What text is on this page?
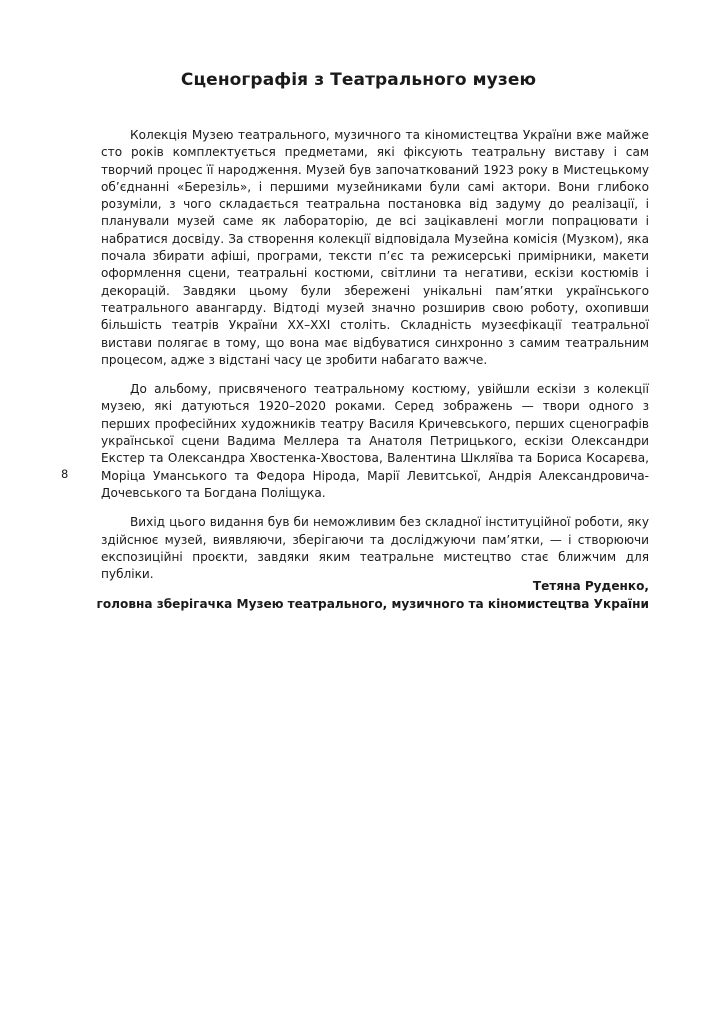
Сценографія з Театрального музею

Колекція Музею театрального, музичного та кіномистецтва України вже майже сто років комплектується предметами, які фіксують театральну виставу і сам творчий процес її народження. Музей був започаткований 1923 року в Мистецькому об’єднанні «Березіль», і першими музейниками були самі актори. Вони глибоко розуміли, з чого складається театральна постановка від задуму до реалізації, і планували музей саме як лабораторію, де всі зацікавлені могли попрацювати і набратися досвіду. За створення колекції відповідала Музейна комісія (Музком), яка почала збирати афіші, програми, тексти п’єс та режисерські примірники, макети оформлення сцени, театральні костюми, світлини та негативи, ескізи костюмів і декорацій. Завдяки цьому були збережені унікальні пам’ятки українського театрального авангарду. Відтоді музей значно розширив свою роботу, охопивши більшість театрів України XX–XXI століть. Складність музеєфікації театральної вистави полягає в тому, що вона має відбуватися синхронно з самим театральним процесом, адже з відстані часу це зробити набагато важче.

До альбому, присвяченого театральному костюму, увійшли ескізи з колекції музею, які датуються 1920–2020 роками. Серед зображень — твори одного з перших професійних художників театру Василя Кричевського, перших сценографів української сцени Вадима Меллера та Анатоля Петрицького, ескізи Олександри Екстер та Олександра Хвостенка-Хвостова, Валентина Шкляїва та Бориса Косарєва, Моріца Уманського та Федора Нірода, Марії Левитської, Андрія Александровича-Дочевського та Богдана Поліщука.

Вихід цього видання був би неможливим без складної інституційної роботи, яку здійснює музей, виявляючи, зберігаючи та досліджуючи пам’ятки, — і створюючи експозиційні проєкти, завдяки яким театральне мистецтво стає ближчим для публіки.

8
Тетяна Руденко,
головна зберігачка Музею театрального, музичного та кіномистецтва України
